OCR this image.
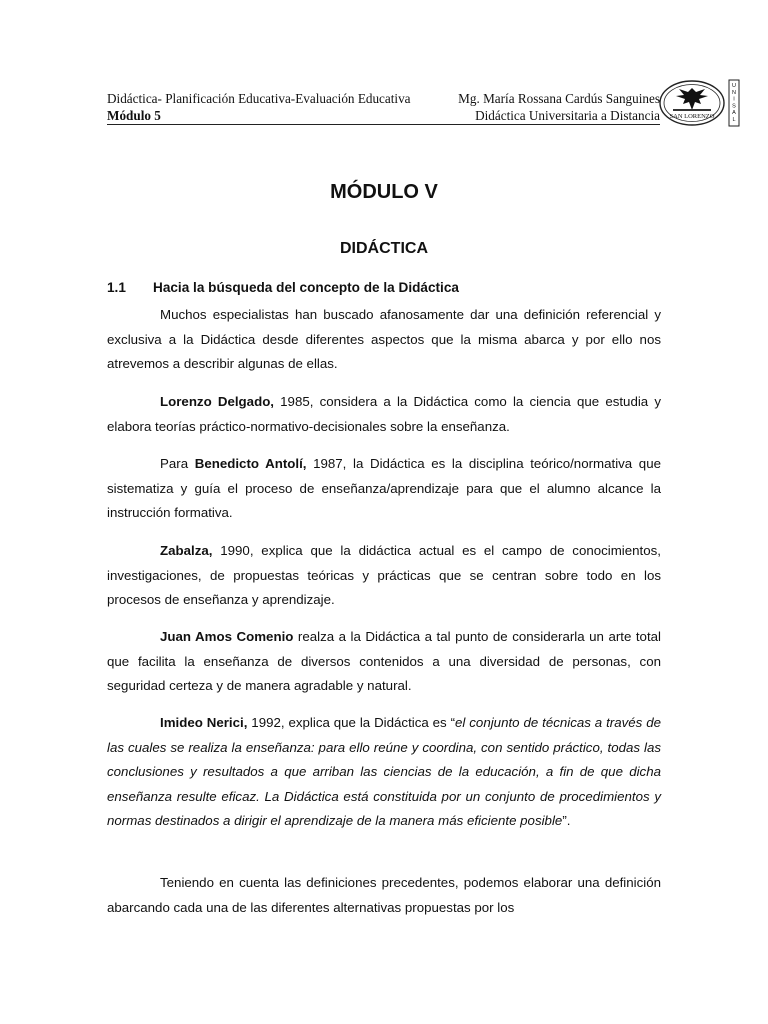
Didáctica- Planificación Educativa-Evaluación Educativa	Mg. María Rossana Cardús Sanguines
Módulo 5	Didáctica Universitaria a Distancia SAN LORENZO
U N I S A L
MÓDULO V
DIDÁCTICA
1.1 Hacia la búsqueda del concepto de la Didáctica

Muchos especialistas han buscado afanosamente dar una definición referencial y exclusiva a la Didáctica desde diferentes aspectos que la misma abarca y por ello nos atrevemos a describir algunas de ellas.

Lorenzo Delgado, 1985, considera a la Didáctica como la ciencia que estudia y elabora teorías práctico-normativo-decisionales sobre la enseñanza.

Para Benedicto Antolí, 1987, la Didáctica es la disciplina teórico/normativa que sistematiza y guía el proceso de enseñanza/aprendizaje para que el alumno alcance la instrucción formativa.

Zabalza, 1990, explica que la didáctica actual es el campo de conocimientos, investigaciones, de propuestas teóricas y prácticas que se centran sobre todo en los procesos de enseñanza y aprendizaje.

Juan Amos Comenio realza a la Didáctica a tal punto de considerarla un arte total que facilita la enseñanza de diversos contenidos a una diversidad de personas, con seguridad certeza y de manera agradable y natural.

Imideo Nerici, 1992, explica que la Didáctica es “el conjunto de técnicas a través de las cuales se realiza la enseñanza: para ello reúne y coordina, con sentido práctico, todas las conclusiones y resultados a que arriban las ciencias de la educación, a fin de que dicha enseñanza resulte eficaz. La Didáctica está constituida por un conjunto de procedimientos y normas destinados a dirigir el aprendizaje de la manera más eficiente posible”.

Teniendo en cuenta las definiciones precedentes, podemos elaborar una definición abarcando cada una de las diferentes alternativas propuestas por los
